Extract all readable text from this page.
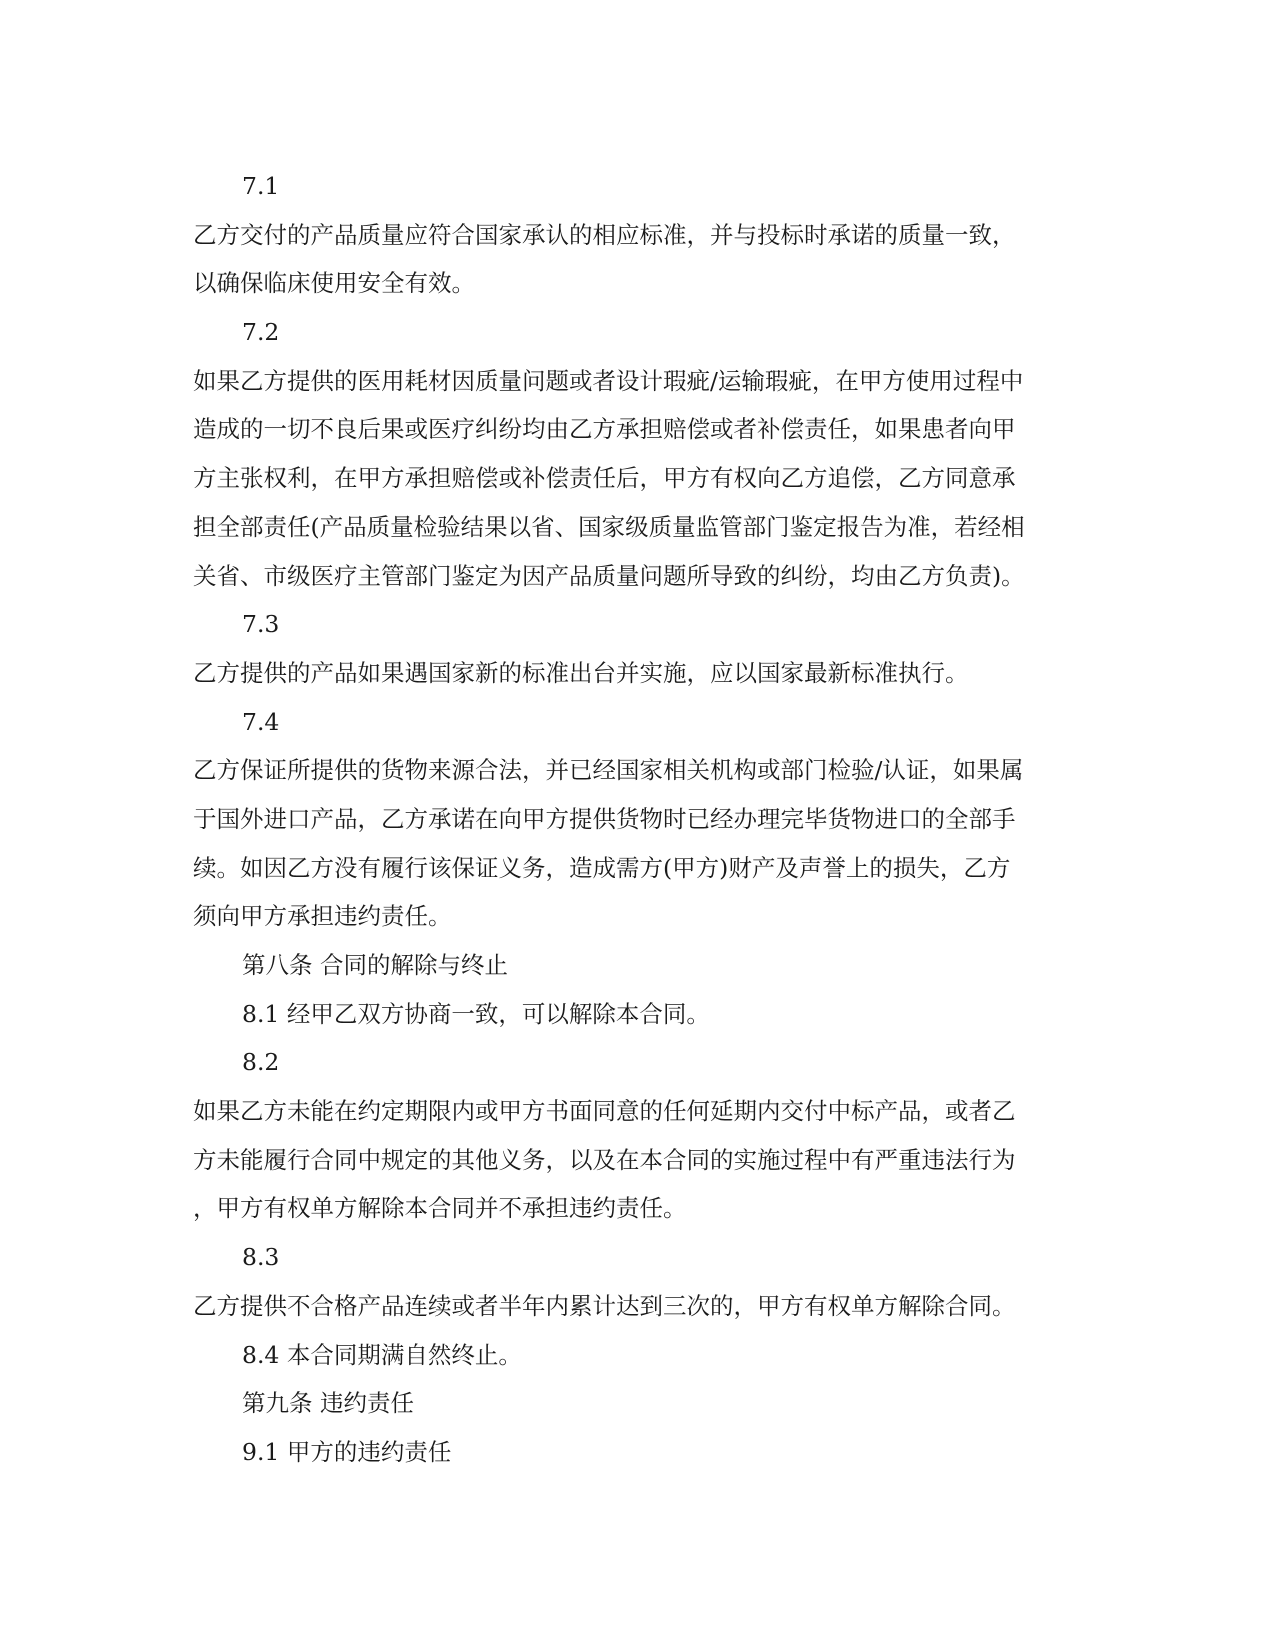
7.1
乙方交付的产品质量应符合国家承认的相应标准，并与投标时承诺的质量一致，
以确保临床使用安全有效。
7.2
如果乙方提供的医用耗材因质量问题或者设计瑕疵/运输瑕疵，在甲方使用过程中
造成的一切不良后果或医疗纠纷均由乙方承担赔偿或者补偿责任，如果患者向甲
方主张权利，在甲方承担赔偿或补偿责任后，甲方有权向乙方追偿，乙方同意承
担全部责任(产品质量检验结果以省、国家级质量监管部门鉴定报告为准，若经相
关省、市级医疗主管部门鉴定为因产品质量问题所导致的纠纷，均由乙方负责)。
7.3
乙方提供的产品如果遇国家新的标准出台并实施，应以国家最新标准执行。
7.4
乙方保证所提供的货物来源合法，并已经国家相关机构或部门检验/认证，如果属
于国外进口产品，乙方承诺在向甲方提供货物时已经办理完毕货物进口的全部手
续。如因乙方没有履行该保证义务，造成需方(甲方)财产及声誉上的损失，乙方
须向甲方承担违约责任。
第八条 合同的解除与终止
8.1 经甲乙双方协商一致，可以解除本合同。
8.2
如果乙方未能在约定期限内或甲方书面同意的任何延期内交付中标产品，或者乙
方未能履行合同中规定的其他义务，以及在本合同的实施过程中有严重违法行为
，甲方有权单方解除本合同并不承担违约责任。
8.3
乙方提供不合格产品连续或者半年内累计达到三次的，甲方有权单方解除合同。
8.4 本合同期满自然终止。
第九条 违约责任
9.1 甲方的违约责任
